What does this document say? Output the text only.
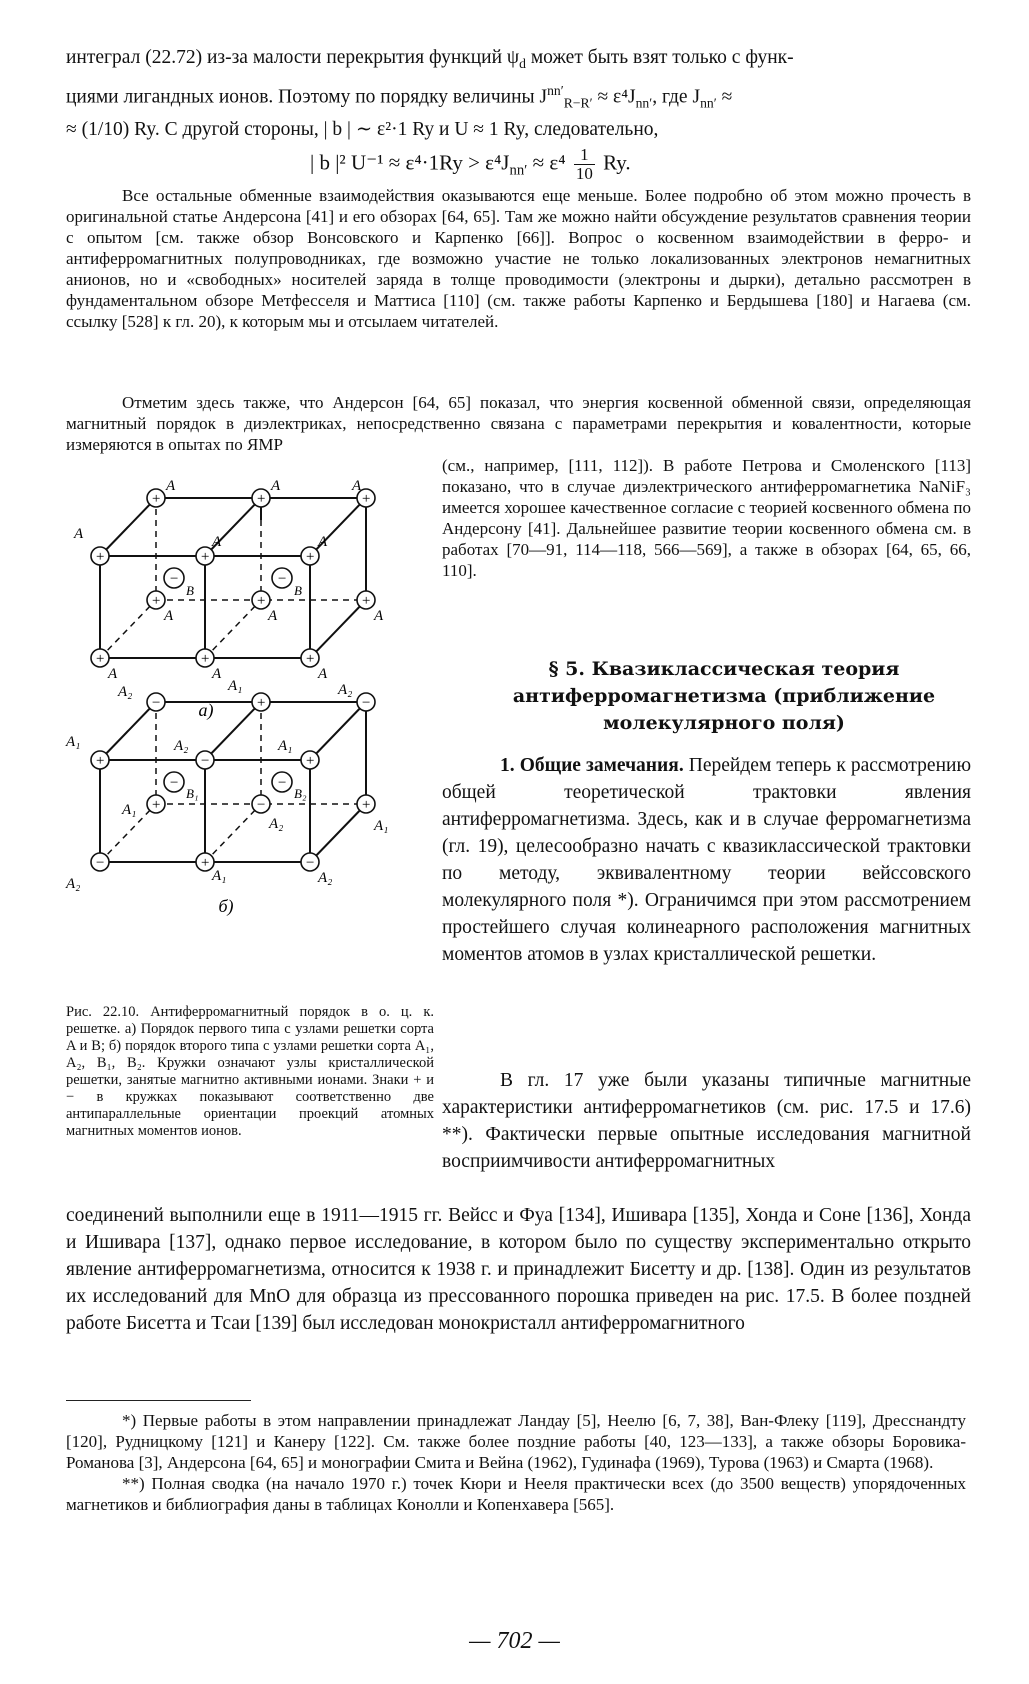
интеграл (22.72) из-за малости перекрытия функций $\psi_d$ может быть взят только с функ-

циями лигандных ионов. Поэтому по порядку величины $J^{nn'}_{R-R'} \approx \varepsilon^4J_{nn'}$, где $J_{nn'}$ ≈

≈ (1/10) Ry. С другой стороны, | b | ∼ ε²·1 Ry и U ≈ 1 Ry, следовательно,

| b |² $U^{-1} \approx \varepsilon^4\cdot 1Ry > \varepsilon^4J_{nn'} \approx \varepsilon^4 \frac{1}{10} Ry$.
Все остальные обменные взаимодействия оказываются еще меньше. Более подробно об этом можно прочесть в оригинальной статье Андерсона [41] и его обзорах [64, 65]. Там же можно найти обсуждение результатов сравнения теории с опытом [см. также обзор Вонсовского и Карпенко [66]]. Вопрос о косвенном взаимодействии в ферро- и антиферромагнитных полупроводниках, где возможно участие не только локализованных электронов немагнитных анионов, но и «свободных» носителей заряда в толще проводимости (электроны и дырки), детально рассмотрен в фундаментальном обзоре Метфесселя и Маттиса [110] (см. также работы Карпенко и Бердышева [180] и Нагаева (см. ссылку [528] к гл. 20), к которым мы и отсылаем читателей.
Отметим здесь также, что Андерсон [64, 65] показал, что энергия косвенной обменной связи, определяющая магнитный порядок в диэлектриках, непосредственно связана с параметрами перекрытия и ковалентности, которые измеряются в опытах по ЯМР
(см., например, [111, 112]). В работе Петрова и Смоленского [113] показано, что в случае диэлектрического антиферромагнетика NaNiF₃ имеется хорошее качественное согласие с теорией косвенного обмена по Андерсону [41]. Дальнейшее развитие теории косвенного обмена см. в работах [70—91, 114—118, 566—569], а также в обзорах [64, 65, 66, 110].
+	+	+
+	+	+
+	+	+
+	+	+
−	−
A	A	A
A	A	A
A	A	A
A	A	A
B	B
а)
−	+	−
+	−	+
+	−	+
−	+	−
−	−
A₂	A₁	A₂
A₁	A₂	A₁
A₁
A₂	A₁
A₂	A₁	A₂
B₁	B₂
б)
Рис. 22.10. Антиферромагнитный порядок в о. ц. к. решетке. а) Порядок первого типа с узлами решетки сорта A и B; б) порядок второго типа с узлами решетки сорта A₁, A₂, B₁, B₂. Кружки означают узлы кристаллической решетки, занятые магнитно активными ионами. Знаки + и − в кружках показывают соответственно две антипараллельные ориентации проекций атомных магнитных моментов ионов.
§ 5. Квазиклассическая теория антиферромагнетизма (приближение молекулярного поля)
1. Общие замечания. Перейдем теперь к рассмотрению общей теоретической трактовки явления антиферромагнетизма. Здесь, как и в случае ферромагнетизма (гл. 19), целесообразно начать с квазиклассической трактовки по методу, эквивалентному теории вейссовского молекулярного поля *). Ограничимся при этом рассмотрением простейшего случая колинеарного расположения магнитных моментов атомов в узлах кристаллической решетки.
В гл. 17 уже были указаны типичные магнитные характеристики антиферромагнетиков (см. рис. 17.5 и 17.6) **). Фактически первые опытные исследования магнитной восприимчивости антиферромагнитных
соединений выполнили еще в 1911—1915 гг. Вейсс и Фуа [134], Ишивара [135], Хонда и Соне [136], Хонда и Ишивара [137], однако первое исследование, в котором было по существу экспериментально открыто явление антиферромагнетизма, относится к 1938 г. и принадлежит Бисетту и др. [138]. Один из результатов их исследований для MnO для образца из прессованного порошка приведен на рис. 17.5. В более поздней работе Бисетта и Тсаи [139] был исследован монокристалл антиферромагнитного

*) Первые работы в этом направлении принадлежат Ландау [5], Неелю [6, 7, 38], Ван-Флеку [119], Дресснандту [120], Рудницкому [121] и Канеру [122]. См. также более поздние работы [40, 123—133], а также обзоры Боровика-Романова [3], Андерсона [64, 65] и монографии Смита и Вейна (1962), Гудинафа (1969), Турова (1963) и Смарта (1968).

**) Полная сводка (на начало 1970 г.) точек Кюри и Нееля практически всех (до 3500 веществ) упорядоченных магнетиков и библиография даны в таблицах Конолли и Копенхавера [565].

— 702 —
